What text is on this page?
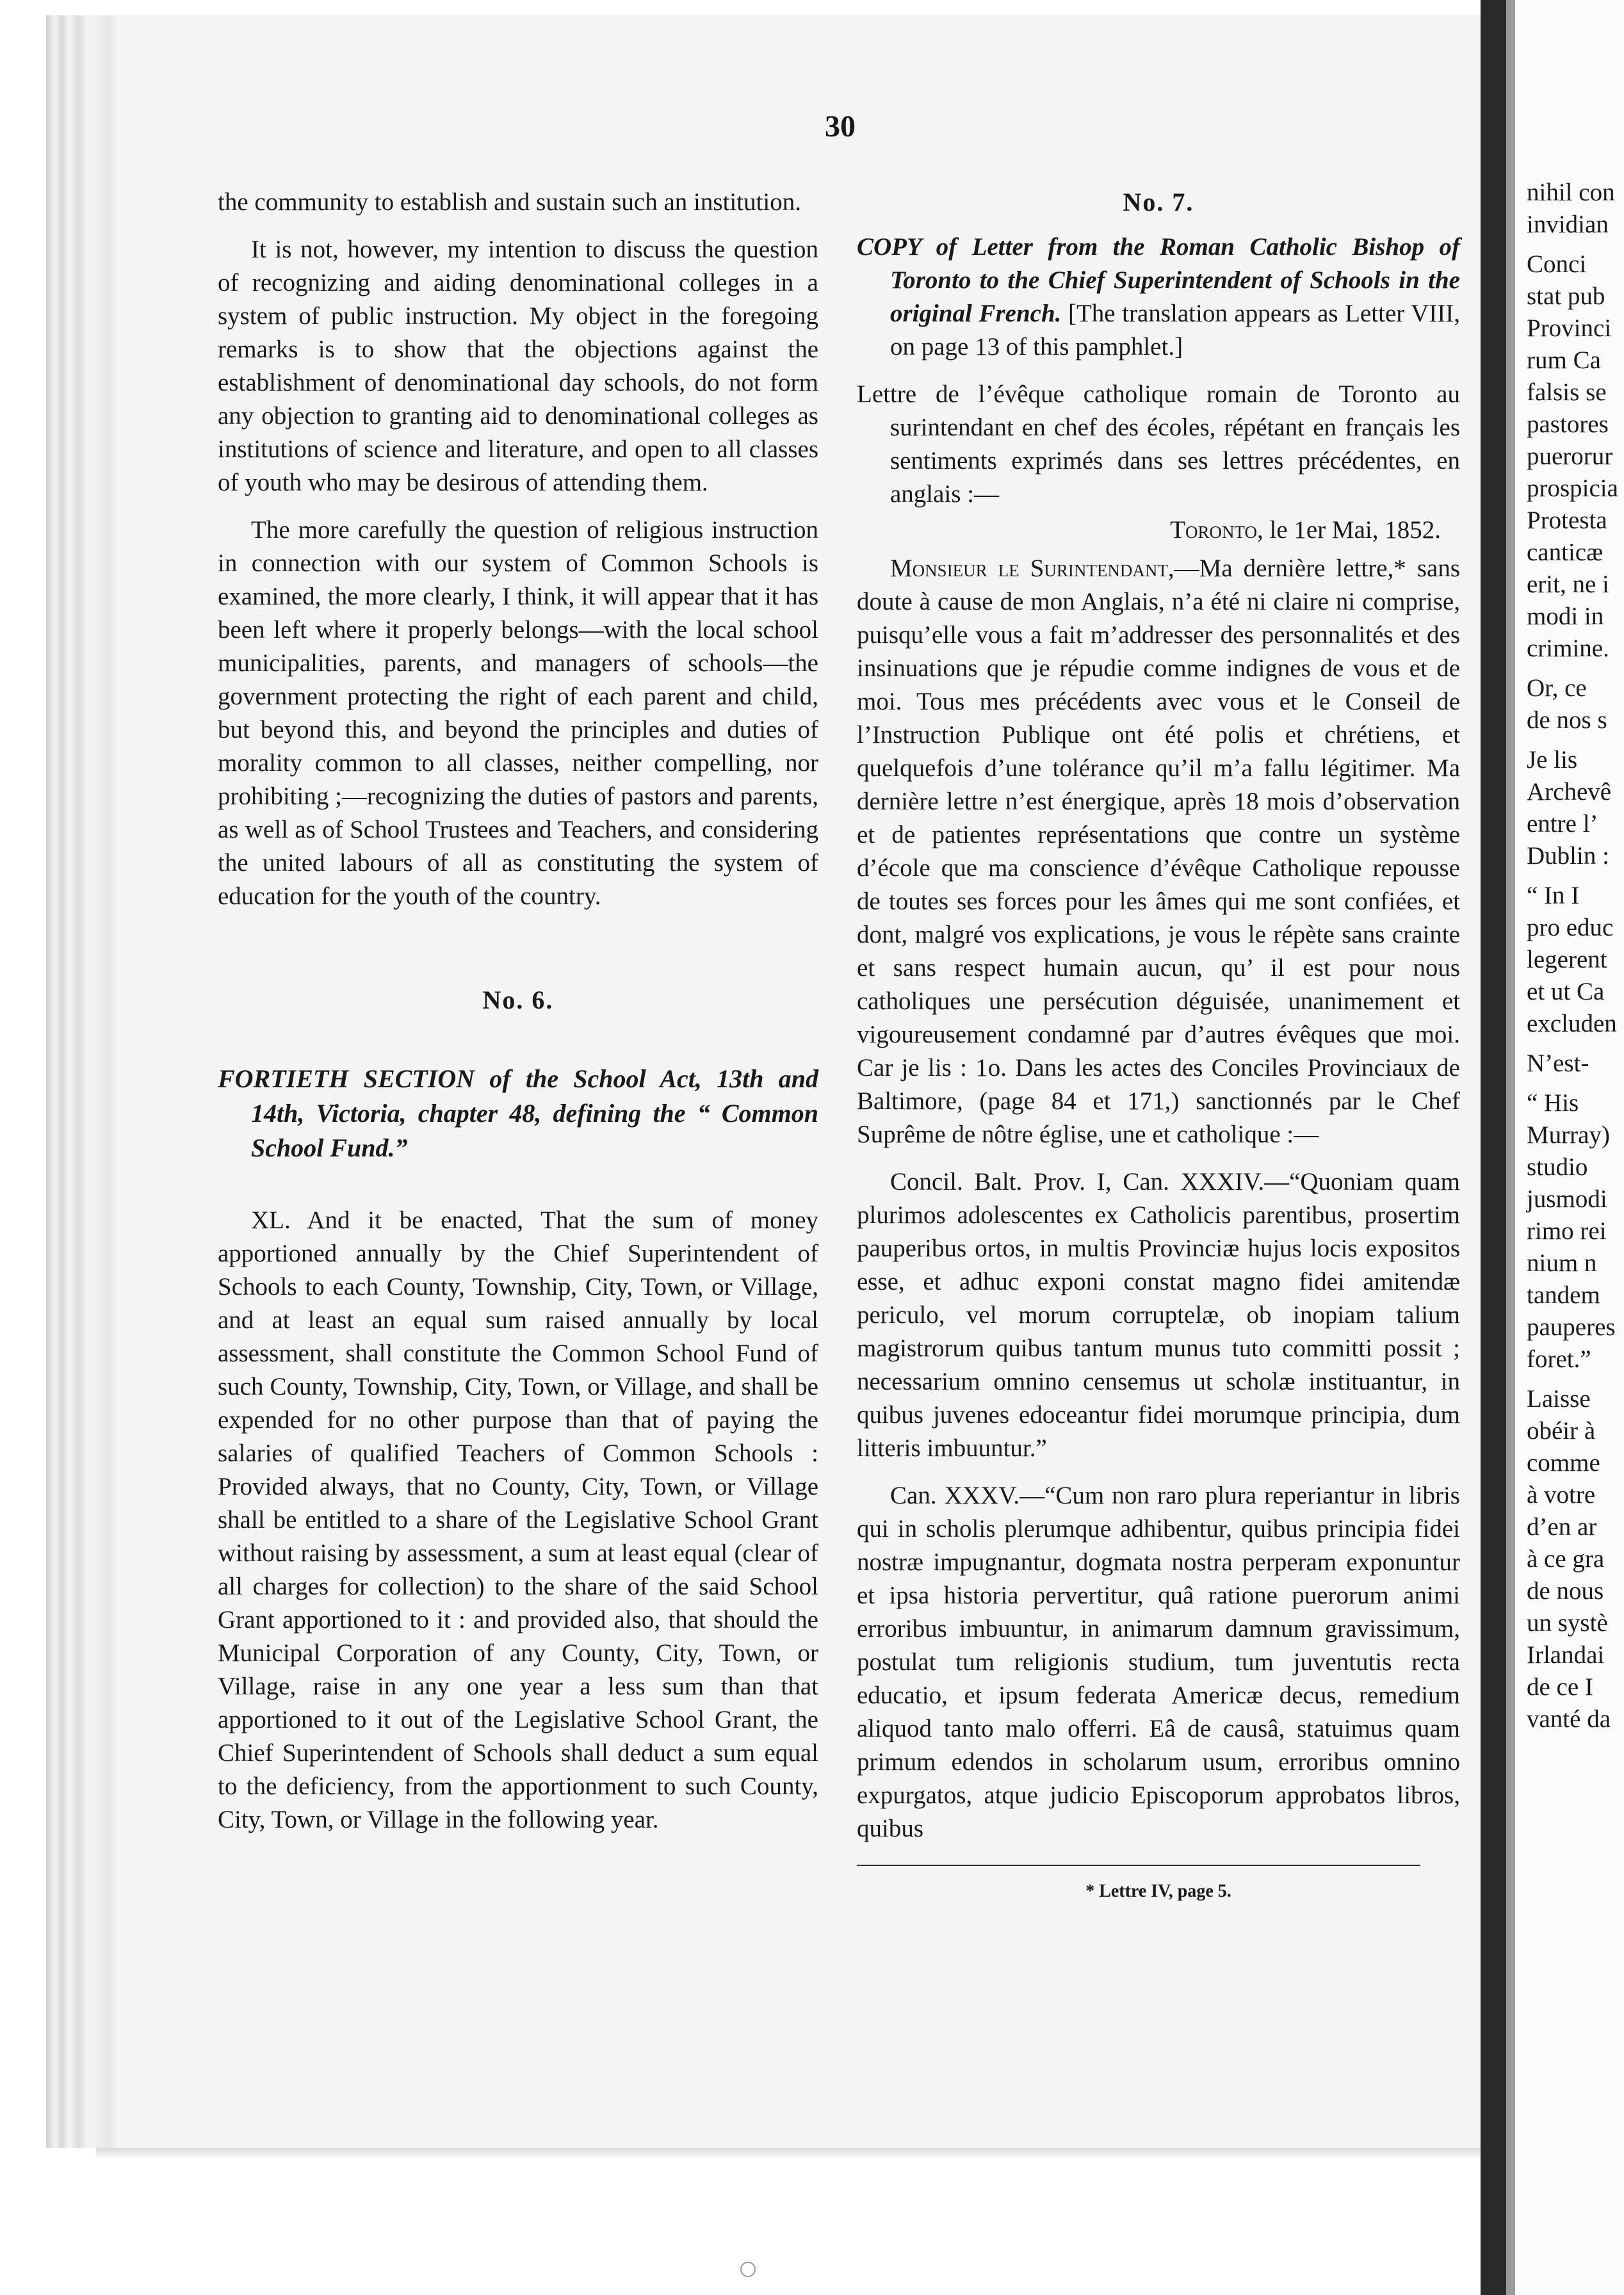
30

the community to establish and sustain such an institution.

It is not, however, my intention to discuss the question of recognizing and aiding denominational colleges in a system of public instruction. My object in the foregoing remarks is to show that the objections against the establishment of denominational day schools, do not form any objection to granting aid to denominational colleges as institutions of science and literature, and open to all classes of youth who may be desirous of attending them.

The more carefully the question of religious instruction in connection with our system of Common Schools is examined, the more clearly, I think, it will appear that it has been left where it properly belongs—with the local school municipalities, parents, and managers of schools—the government protecting the right of each parent and child, but beyond this, and beyond the principles and duties of morality common to all classes, neither compelling, nor prohibiting ;—recognizing the duties of pastors and parents, as well as of School Trustees and Teachers, and considering the united labours of all as constituting the system of education for the youth of the country.

No. 6.

FORTIETH SECTION of the School Act, 13th and 14th, Victoria, chapter 48, defining the “ Common School Fund.”

XL. And it be enacted, That the sum of money apportioned annually by the Chief Superintendent of Schools to each County, Township, City, Town, or Village, and at least an equal sum raised annually by local assessment, shall constitute the Common School Fund of such County, Township, City, Town, or Village, and shall be expended for no other purpose than that of paying the salaries of qualified Teachers of Common Schools : Provided always, that no County, City, Town, or Village shall be entitled to a share of the Legislative School Grant without raising by assessment, a sum at least equal (clear of all charges for collection) to the share of the said School Grant apportioned to it : and provided also, that should the Municipal Corporation of any County, City, Town, or Village, raise in any one year a less sum than that apportioned to it out of the Legislative School Grant, the Chief Superintendent of Schools shall deduct a sum equal to the deficiency, from the apportionment to such County, City, Town, or Village in the following year.

No. 7.

COPY of Letter from the Roman Catholic Bishop of Toronto to the Chief Superintendent of Schools in the original French. [The translation appears as Letter VIII, on page 13 of this pamphlet.]

Lettre de l’évêque catholique romain de Toronto au surintendant en chef des écoles, répétant en français les sentiments exprimés dans ses lettres précédentes, en anglais :—

Toronto, le 1er Mai, 1852.

Monsieur le Surintendant,—Ma dernière lettre,* sans doute à cause de mon Anglais, n’a été ni claire ni comprise, puisqu’elle vous a fait m’addresser des personnalités et des insinuations que je répudie comme indignes de vous et de moi. Tous mes précédents avec vous et le Conseil de l’Instruction Publique ont été polis et chrétiens, et quelquefois d’une tolérance qu’il m’a fallu légitimer. Ma dernière lettre n’est énergique, après 18 mois d’observation et de patientes représentations que contre un système d’école que ma conscience d’évêque Catholique repousse de toutes ses forces pour les âmes qui me sont confiées, et dont, malgré vos explications, je vous le répète sans crainte et sans respect humain aucun, qu’ il est pour nous catholiques une persécution déguisée, unanimement et vigoureusement condamné par d’autres évêques que moi. Car je lis : 1o. Dans les actes des Conciles Provinciaux de Baltimore, (page 84 et 171,) sanctionnés par le Chef Suprême de nôtre église, une et catholique :—

Concil. Balt. Prov. I, Can. XXXIV.—“Quoniam quam plurimos adolescentes ex Catholicis parentibus, prosertim pauperibus ortos, in multis Provinciæ hujus locis expositos esse, et adhuc exponi constat magno fidei amitendæ periculo, vel morum corruptelæ, ob inopiam talium magistrorum quibus tantum munus tuto committi possit ; necessarium omnino censemus ut scholæ instituantur, in quibus juvenes edoceantur fidei morumque principia, dum litteris imbuuntur.”

Can. XXXV.—“Cum non raro plura reperiantur in libris qui in scholis plerumque adhibentur, quibus principia fidei nostræ impugnantur, dogmata nostra perperam exponuntur et ipsa historia pervertitur, quâ ratione puerorum animi erroribus imbuuntur, in animarum damnum gravissimum, postulat tum religionis studium, tum juventutis recta educatio, et ipsum federata Americæ decus, remedium aliquod tanto malo offerri. Eâ de causâ, statuimus quam primum edendos in scholarum usum, erroribus omnino expurgatos, atque judicio Episcoporum approbatos libros, quibus

* Lettre IV, page 5.

nihil con

invidian

Conci

stat pub

Provinci

rum Ca

falsis se

pastores

puerorur

prospicia

Protesta

canticæ

erit, ne i

modi in

crimine.

Or, ce

de nos s

Je lis

Archevê

entre l’

Dublin :

“ In I

pro educ

legerent

et ut Ca

excluden

N’est-

“ His

Murray)

studio

jusmodi

rimo rei

nium n

tandem

pauperes

foret.”

Laisse

obéir à

comme

à votre

d’en ar

à ce gra

de nous

un systè

Irlandai

de ce I

vanté da
